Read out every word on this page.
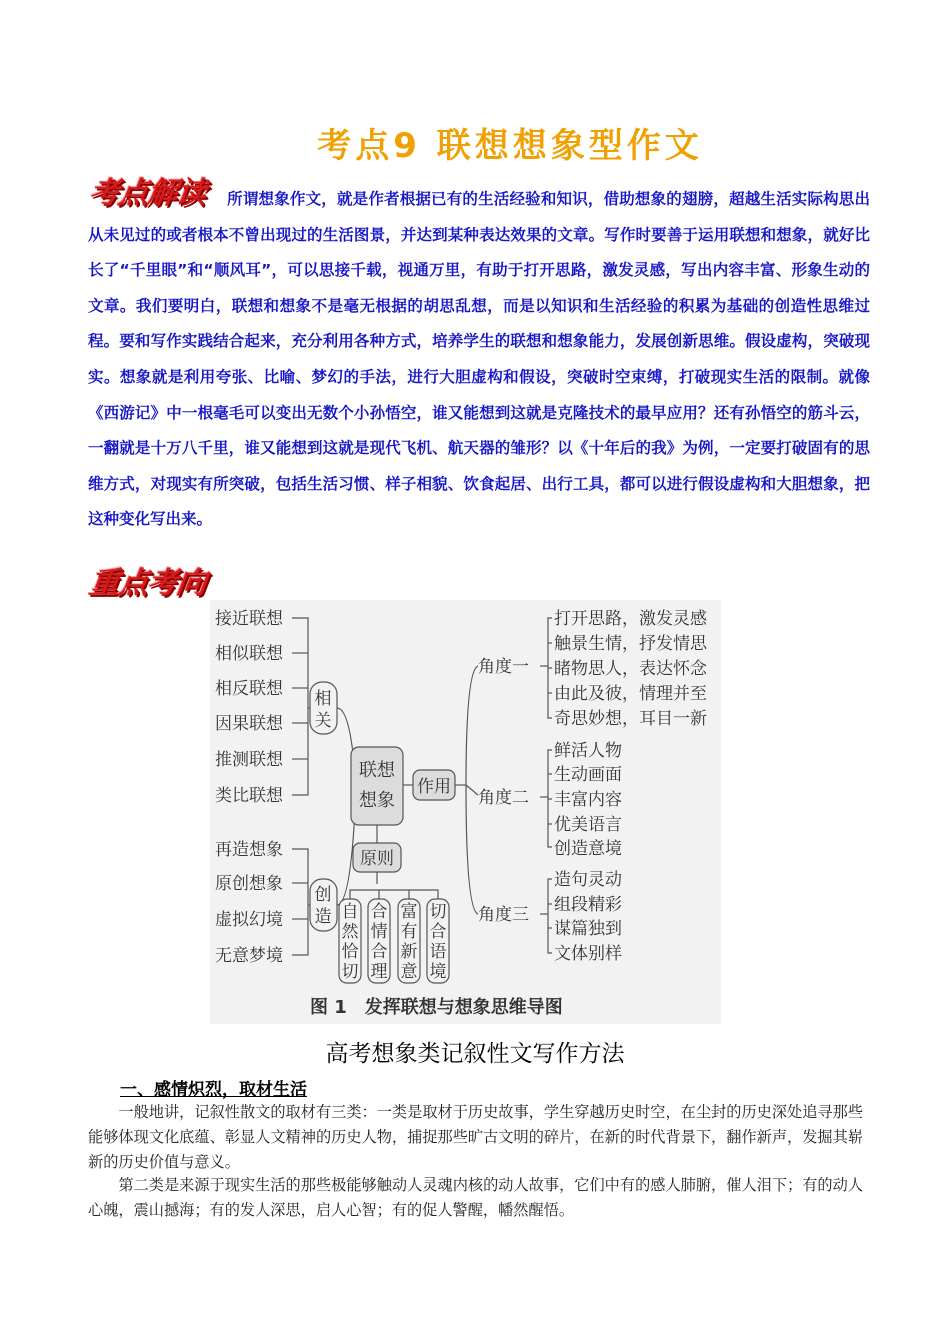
考点9 联想想象型作文
考点解读	所谓想象作文，就是作者根据已有的生活经验和知识，借助想象的翅膀，超越生活实际构思出从未见过的或者根本不曾出现过的生活图景，并达到某种表达效果的文章。写作时要善于运用联想和想象，就好比长了“千里眼”和“顺风耳”，可以思接千载，视通万里，有助于打开思路，激发灵感，写出内容丰富、形象生动的文章。我们要明白，联想和想象不是毫无根据的胡思乱想，而是以知识和生活经验的积累为基础的创造性思维过程。要和写作实践结合起来，充分利用各种方式，培养学生的联想和想象能力，发展创新思维。假设虚构，突破现实。想象就是利用夸张、比喻、梦幻的手法，进行大胆虚构和假设，突破时空束缚，打破现实生活的限制。就像《西游记》中一根毫毛可以变出无数个小孙悟空，谁又能想到这就是克隆技术的最早应用？还有孙悟空的筋斗云，一翻就是十万八千里，谁又能想到这就是现代飞机、航天器的雏形？以《十年后的我》为例，一定要打破固有的思维方式，对现实有所突破，包括生活习惯、样子相貌、饮食起居、出行工具，都可以进行假设虚构和大胆想象，把这种变化写出来。
重点考向
接近联想
相似联想
相反联想
因果联想
推测联想
类比联想
再造想象
原创想象
虚拟幻境
无意梦境
相
关
创
造
联想
想象
作用
原则
自
然
恰
切
合
情
合
理
富
有
新
意
切
合
语
境
角度一
角度二
角度三
打开思路，激发灵感
触景生情，抒发情思
睹物思人，表达怀念
由此及彼，情理并至
奇思妙想，耳目一新
鲜活人物
生动画面
丰富内容
优美语言
创造意境
造句灵动
组段精彩
谋篇独到
文体别样
图 1　发挥联想与想象思维导图
高考想象类记叙性文写作方法
一、感情炽烈，取材生活
一般地讲，记叙性散文的取材有三类：一类是取材于历史故事，学生穿越历史时空，在尘封的历史深处追寻那些能够体现文化底蕴、彰显人文精神的历史人物，捕捉那些旷古文明的碎片，在新的时代背景下，翻作新声，发掘其崭新的历史价值与意义。
第二类是来源于现实生活的那些极能够触动人灵魂内核的动人故事，它们中有的感人肺腑，催人泪下；有的动人心魄，震山撼海；有的发人深思，启人心智；有的促人警醒，幡然醒悟。
